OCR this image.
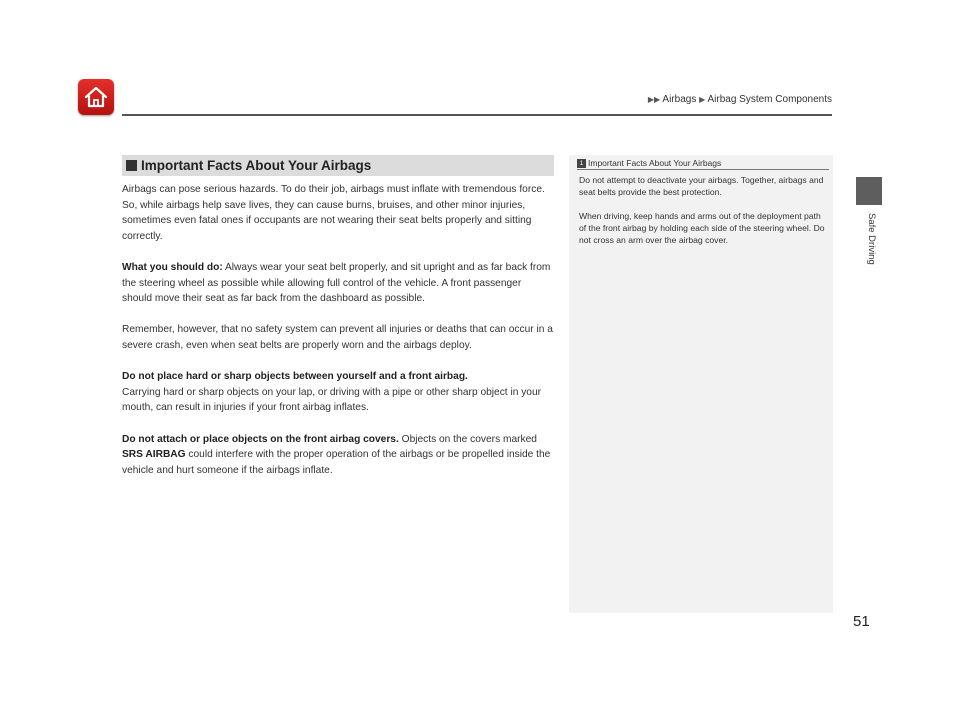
▶▶ Airbags ▶ Airbag System Components
Safe Driving
Important Facts About Your Airbags

Airbags can pose serious hazards. To do their job, airbags must inflate with tremendous force. So, while airbags help save lives, they can cause burns, bruises, and other minor injuries, sometimes even fatal ones if occupants are not wearing their seat belts properly and sitting correctly.

What you should do: Always wear your seat belt properly, and sit upright and as far back from the steering wheel as possible while allowing full control of the vehicle. A front passenger should move their seat as far back from the dashboard as possible.

Remember, however, that no safety system can prevent all injuries or deaths that can occur in a severe crash, even when seat belts are properly worn and the airbags deploy.

Do not place hard or sharp objects between yourself and a front airbag.
Carrying hard or sharp objects on your lap, or driving with a pipe or other sharp object in your mouth, can result in injuries if your front airbag inflates.

Do not attach or place objects on the front airbag covers. Objects on the covers marked SRS AIRBAG could interfere with the proper operation of the airbags or be propelled inside the vehicle and hurt someone if the airbags inflate.

1 Important Facts About Your Airbags

Do not attempt to deactivate your airbags. Together, airbags and seat belts provide the best protection.

When driving, keep hands and arms out of the deployment path of the front airbag by holding each side of the steering wheel. Do not cross an arm over the airbag cover.

51
